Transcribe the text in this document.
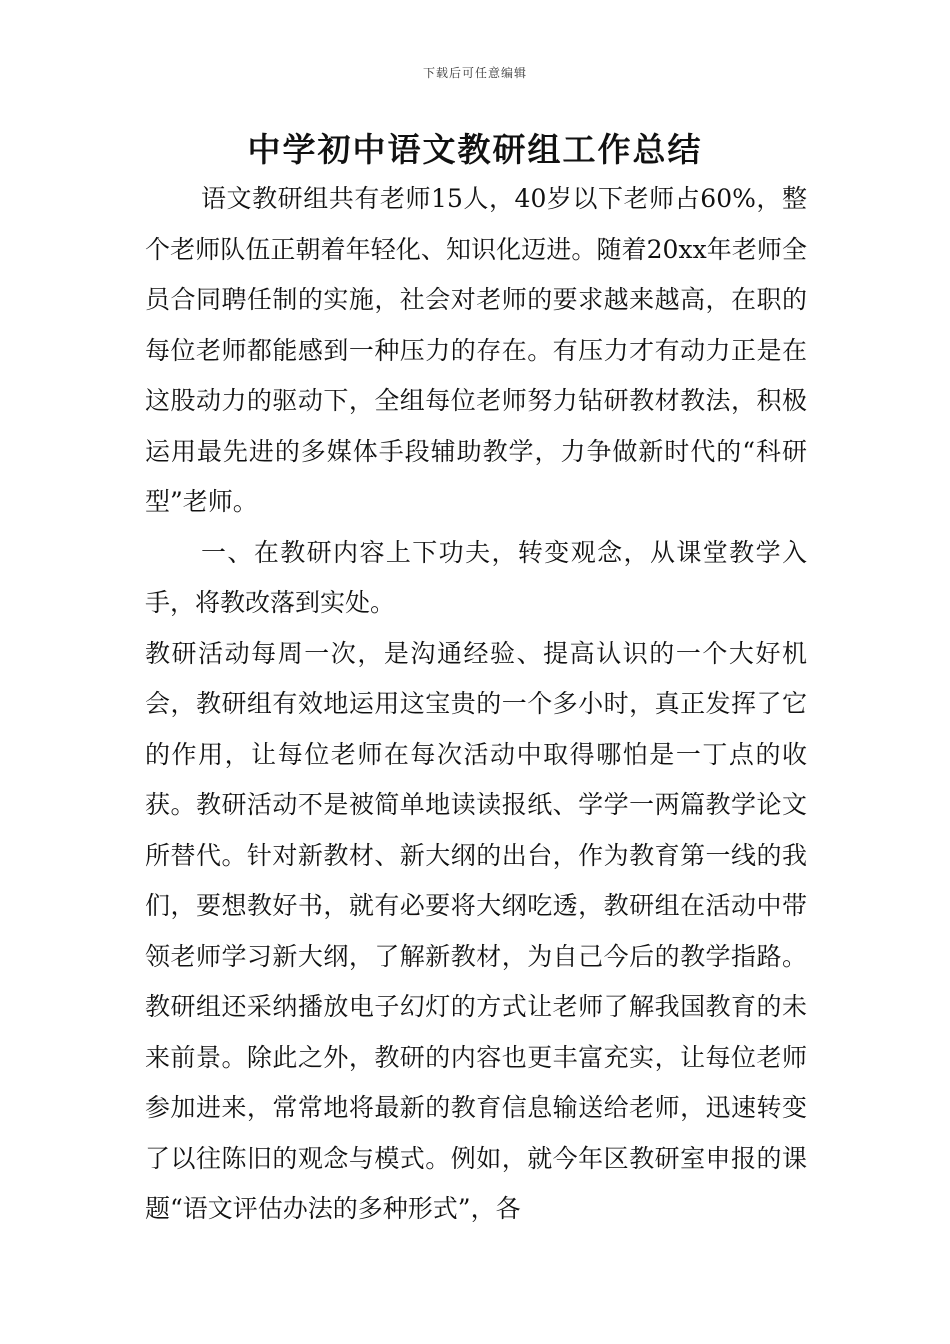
下载后可任意编辑
中学初中语文教研组工作总结

语文教研组共有老师15人，40岁以下老师占60%，整个老师队伍正朝着年轻化、知识化迈进。随着20xx年老师全员合同聘任制的实施，社会对老师的要求越来越高，在职的每位老师都能感到一种压力的存在。有压力才有动力正是在这股动力的驱动下，全组每位老师努力钻研教材教法，积极运用最先进的多媒体手段辅助教学，力争做新时代的“科研型”老师。

一、在教研内容上下功夫，转变观念，从课堂教学入手，将教改落到实处。

教研活动每周一次，是沟通经验、提高认识的一个大好机会，教研组有效地运用这宝贵的一个多小时，真正发挥了它的作用，让每位老师在每次活动中取得哪怕是一丁点的收获。教研活动不是被简单地读读报纸、学学一两篇教学论文所替代。针对新教材、新大纲的出台，作为教育第一线的我们，要想教好书，就有必要将大纲吃透，教研组在活动中带领老师学习新大纲，了解新教材，为自己今后的教学指路。教研组还采纳播放电子幻灯的方式让老师了解我国教育的未来前景。除此之外，教研的内容也更丰富充实，让每位老师参加进来，常常地将最新的教育信息输送给老师，迅速转变了以往陈旧的观念与模式。例如，就今年区教研室申报的课题“语文评估办法的多种形式”，各
